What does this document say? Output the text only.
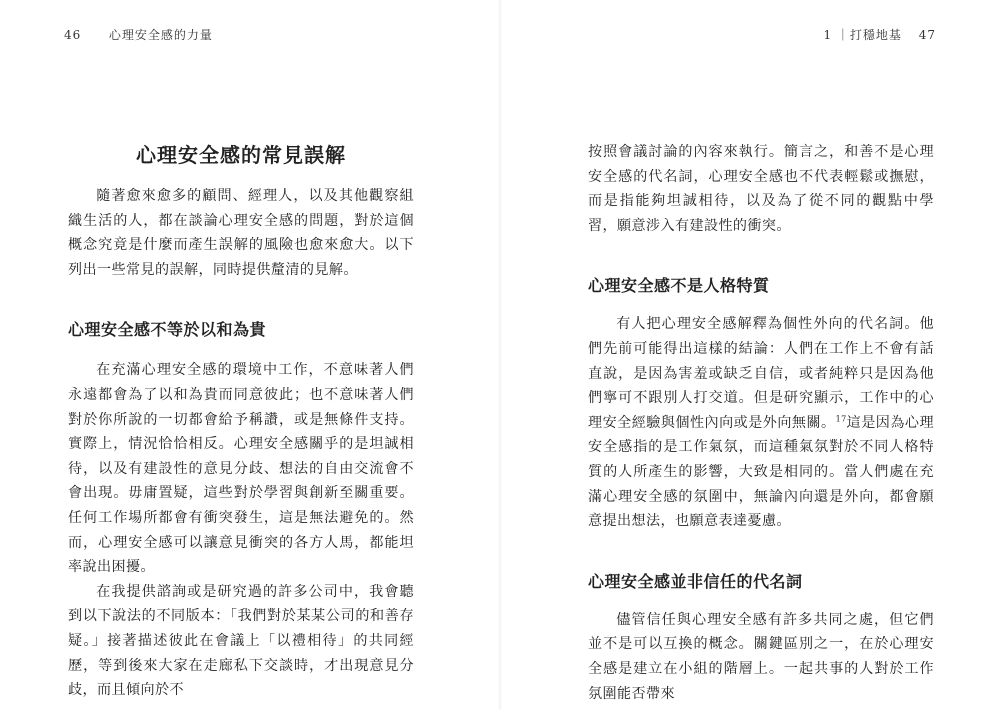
46 心理安全感的力量	1 ｜打穩地基 47
心理安全感的常見誤解

隨著愈來愈多的顧問、經理人，以及其他觀察組織生活的人，都在談論心理安全感的問題，對於這個概念究竟是什麼而產生誤解的風險也愈來愈大。以下列出一些常見的誤解，同時提供釐清的見解。

心理安全感不等於以和為貴

在充滿心理安全感的環境中工作，不意味著人們永遠都會為了以和為貴而同意彼此；也不意味著人們對於你所說的一切都會給予稱讚，或是無條件支持。實際上，情況恰恰相反。心理安全感關乎的是坦誠相待，以及有建設性的意見分歧、想法的自由交流會不會出現。毋庸置疑，這些對於學習與創新至關重要。任何工作場所都會有衝突發生，這是無法避免的。然而，心理安全感可以讓意見衝突的各方人馬，都能坦率說出困擾。

在我提供諮詢或是研究過的許多公司中，我會聽到以下說法的不同版本：「我們對於某某公司的和善存疑。」接著描述彼此在會議上「以禮相待」的共同經歷，等到後來大家在走廊私下交談時，才出現意見分歧，而且傾向於不

按照會議討論的內容來執行。簡言之，和善不是心理安全感的代名詞，心理安全感也不代表輕鬆或撫慰，而是指能夠坦誠相待，以及為了從不同的觀點中學習，願意涉入有建設性的衝突。

心理安全感不是人格特質

有人把心理安全感解釋為個性外向的代名詞。他們先前可能得出這樣的結論：人們在工作上不會有話直說，是因為害羞或缺乏自信，或者純粹只是因為他們寧可不跟別人打交道。但是研究顯示，工作中的心理安全經驗與個性內向或是外向無關。$^{17}$這是因為心理安全感指的是工作氣氛，而這種氣氛對於不同人格特質的人所產生的影響，大致是相同的。當人們處在充滿心理安全感的氛圍中，無論內向還是外向，都會願意提出想法，也願意表達憂慮。

心理安全感並非信任的代名詞

儘管信任與心理安全感有許多共同之處，但它們並不是可以互換的概念。關鍵區別之一，在於心理安全感是建立在小組的階層上。一起共事的人對於工作氛圍能否帶來
